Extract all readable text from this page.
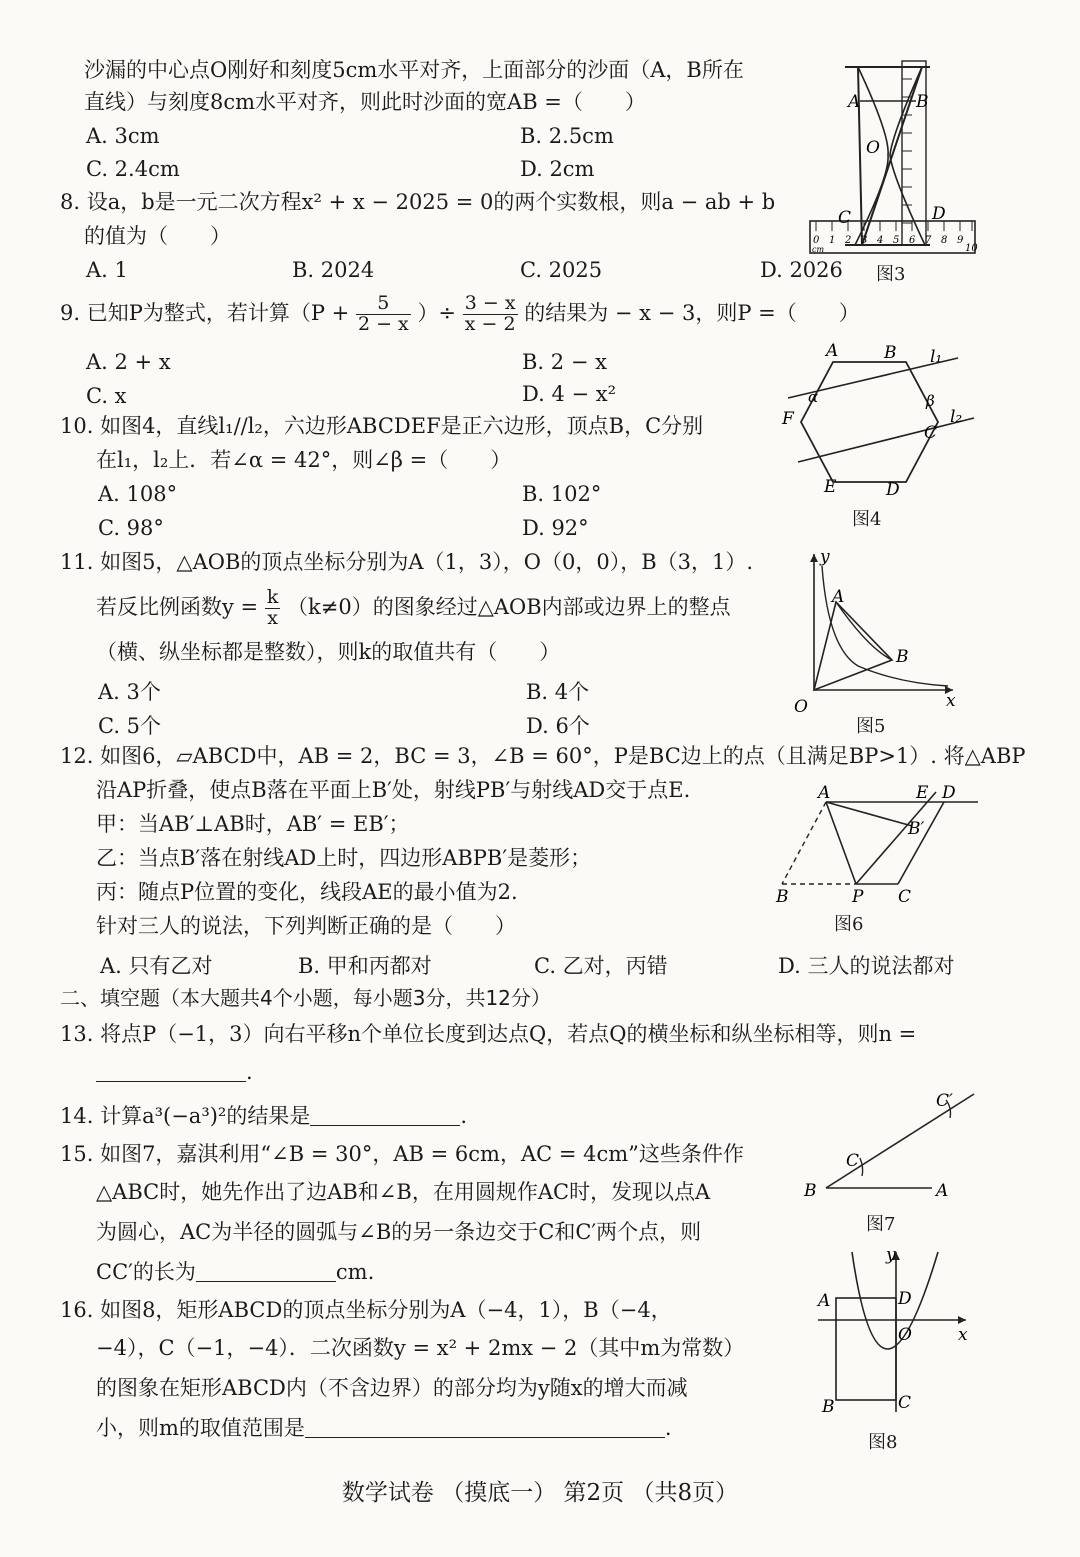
沙漏的中心点O刚好和刻度5cm水平对齐，上面部分的沙面（A，B所在
直线）与刻度8cm水平对齐，则此时沙面的宽AB =（　　）
A. 3cm	B. 2.5cm
C. 2.4cm	D. 2cm
8. 设a，b是一元二次方程x² + x − 2025 = 0的两个实数根，则a − ab + b
的值为（　　）
A. 1	B. 2024	C. 2025	D. 2026
0 1 2 3 4 5 6 7 8 9
10
cm
A	B
O
C	D
图3
9. 已知P为整式，若计算（$P + \frac{5}{2 - x}$ ）÷ $\frac{3 - x}{x - 2}$ 的结果为 − x − 3，则P =（　　）
A. 2 + x	B. 2 − x
C. x	D. 4 − x²
A	B
C
D
E
F
α	β
l₁
l₂
图4
10. 如图4，直线l₁//l₂，六边形ABCDEF是正六边形，顶点B，C分别
在l₁，l₂上．若∠α = 42°，则∠β =（　　）
A. 108°	B. 102°
C. 98°	D. 92°
11. 如图5，△AOB的顶点坐标分别为A（1，3），O（0，0），B（3，1）.
若反比例函数$y = \frac{k}{x} (k\ne 0)$的图象经过△AOB内部或边界上的整点
（横、纵坐标都是整数），则k的取值共有（　　）
A. 3个	B. 4个
C. 5个	D. 6个
y
x
O
A
B
图5
12. 如图6，▱ABCD中，AB = 2，BC = 3，∠B = 60°，P是BC边上的点（且满足BP>1）. 将△ABP
沿AP折叠，使点B落在平面上B′处，射线PB′与射线AD交于点E.
甲：当AB′⊥AB时，AB′ = EB′；
乙：当点B′落在射线AD上时，四边形ABPB′是菱形；
丙：随点P位置的变化，线段AE的最小值为2.
针对三人的说法，下列判断正确的是（　　）
A. 只有乙对	B. 甲和丙都对	C. 乙对，丙错	D. 三人的说法都对
A	E D
B′
B	P C
图6
二、填空题（本大题共4个小题，每小题3分，共12分）
13. 将点P（−1，3）向右平移n个单位长度到达点Q，若点Q的横坐标和纵坐标相等，则n =
.
14. 计算a³(−a³)²的结果是	.
C′
C
B	A
图7
15. 如图7，嘉淇利用“∠B = 30°，AB = 6cm，AC = 4cm”这些条件作
△ABC时，她先作出了边AB和∠B，在用圆规作AC时，发现以点A
为圆心，AC为半径的圆弧与∠B的另一条边交于C和C′两个点，则
CC′的长为	cm.
16. 如图8，矩形ABCD的顶点坐标分别为A（−4，1），B（−4，
−4），C（−1，−4）．二次函数y = x² + 2mx − 2（其中m为常数）
的图象在矩形ABCD内（不含边界）的部分均为y随x的增大而减
小，则m的取值范围是	.
y
x
O
A	D
B	C
图8
数学试卷 （摸底一） 第2页 （共8页）
